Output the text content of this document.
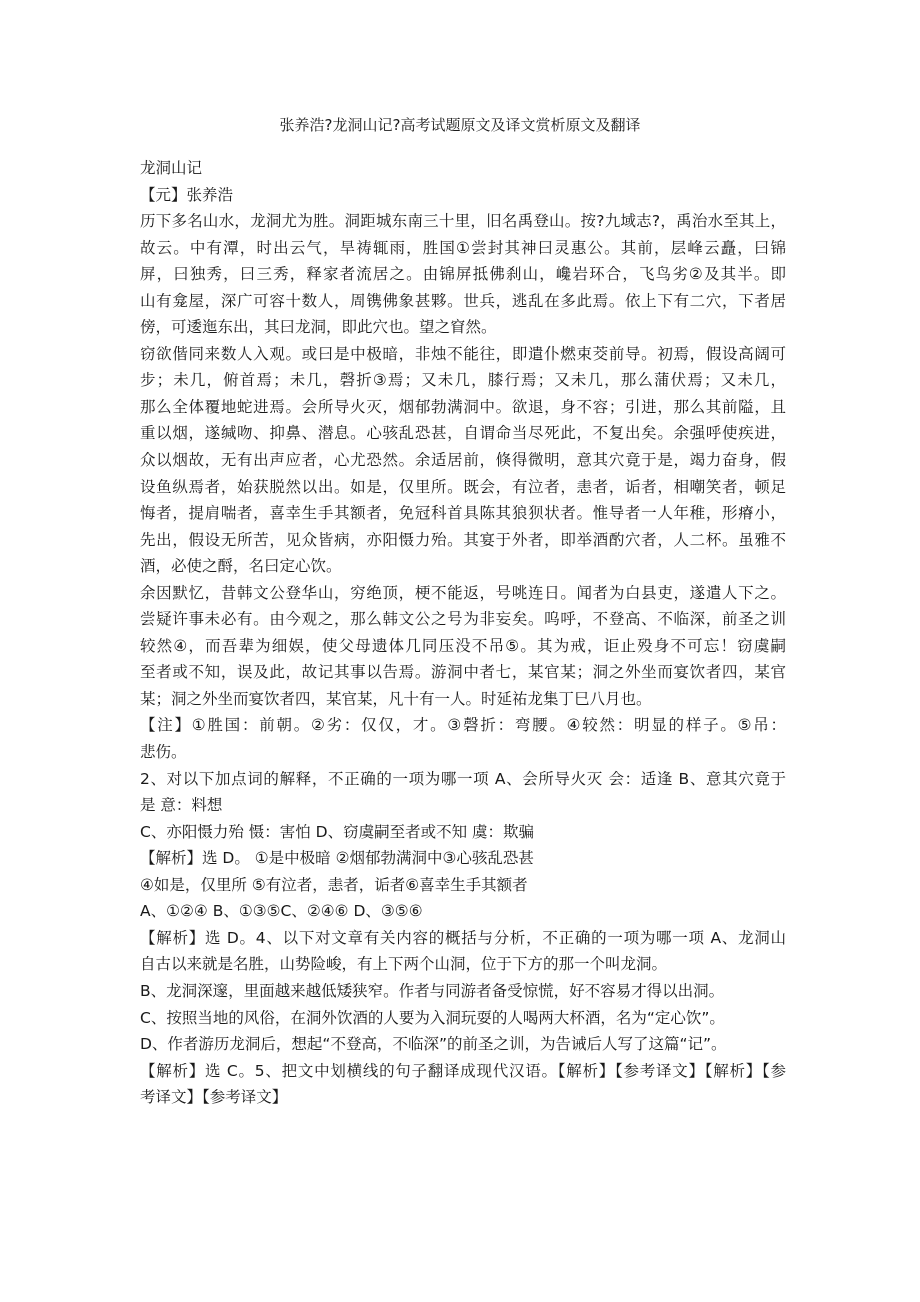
张养浩?龙洞山记?高考试题原文及译文赏析原文及翻译
龙洞山记
【元】张养浩
历下多名山水，龙洞尤为胜。洞距城东南三十里，旧名禹登山。按?九域志?，禹治水至其上，
故云。中有潭，时出云气，旱祷辄雨，胜国①尝封其神曰灵惠公。其前，层峰云矗，曰锦
屏，曰独秀，曰三秀，释家者流居之。由锦屏抵佛刹山，巉岩环合，飞鸟劣②及其半。即
山有龛屋，深广可容十数人，周镌佛象甚夥。世兵，逃乱在多此焉。依上下有二穴，下者居
傍，可逶迤东出，其曰龙洞，即此穴也。望之窅然。
窃欲偕同来数人入观。或曰是中极暗，非烛不能往，即遣仆燃束茭前导。初焉，假设高阔可
步；未几，俯首焉；未几，磬折③焉；又未几，膝行焉；又未几，那么蒲伏焉；又未几，
那么全体覆地蛇进焉。会所导火灭，烟郁勃满洞中。欲退，身不容；引进，那么其前隘，且
重以烟，遂缄吻、抑鼻、潜息。心骇乱恐甚，自谓命当尽死此，不复出矣。余强呼使疾进，
众以烟故，无有出声应者，心尤恐然。余适居前，倏得微明，意其穴竟于是，竭力奋身，假
设鱼纵焉者，始获脱然以出。如是，仅里所。既会，有泣者，恚者，诟者，相嘲笑者，顿足
悔者，提肩喘者，喜幸生手其额者，免冠科首具陈其狼狈状者。惟导者一人年稚，形瘠小，
先出，假设无所苦，见众皆病，亦阳慑力殆。其宴于外者，即举酒酌穴者，人二杯。虽雅不
酒，必使之酹，名曰定心饮。
余因默忆，昔韩文公登华山，穷绝顶，梗不能返，号咷连日。闻者为白县吏，遂遣人下之。
尝疑许事未必有。由今观之，那么韩文公之号为非妄矣。呜呼，不登高、不临深，前圣之训
较然④，而吾辈为细娱，使父母遗体几同压没不吊⑤。其为戒，讵止殁身不可忘！窃虞嗣
至者或不知，误及此，故记其事以告焉。游洞中者七，某官某；洞之外坐而宴饮者四，某官
某；洞之外坐而宴饮者四，某官某，凡十有一人。时延祐龙集丁巳八月也。
【注】①胜国：前朝。②劣：仅仅，才。③磬折：弯腰。④较然：明显的样子。⑤吊：
悲伤。
2、对以下加点词的解释，不正确的一项为哪一项 A、会所导火灭 会：适逢 B、意其穴竟于
是 意：料想
C、亦阳慑力殆 慑：害怕 D、窃虞嗣至者或不知 虞：欺骗
【解析】选 D。 ①是中极暗 ②烟郁勃满洞中③心骇乱恐甚
④如是，仅里所 ⑤有泣者，恚者，诟者⑥喜幸生手其额者
A、①②④ B、①③⑤C、②④⑥ D、③⑤⑥
【解析】选 D。4、以下对文章有关内容的概括与分析，不正确的一项为哪一项 A、龙洞山
自古以来就是名胜，山势险峻，有上下两个山洞，位于下方的那一个叫龙洞。
B、龙洞深邃，里面越来越低矮狭窄。作者与同游者备受惊慌，好不容易才得以出洞。
C、按照当地的风俗，在洞外饮酒的人要为入洞玩耍的人喝两大杯酒，名为“定心饮”。
D、作者游历龙洞后，想起“不登高，不临深”的前圣之训，为告诫后人写了这篇“记”。
【解析】选 C。5、把文中划横线的句子翻译成现代汉语。【解析】【参考译文】【解析】【参
考译文】【参考译文】
